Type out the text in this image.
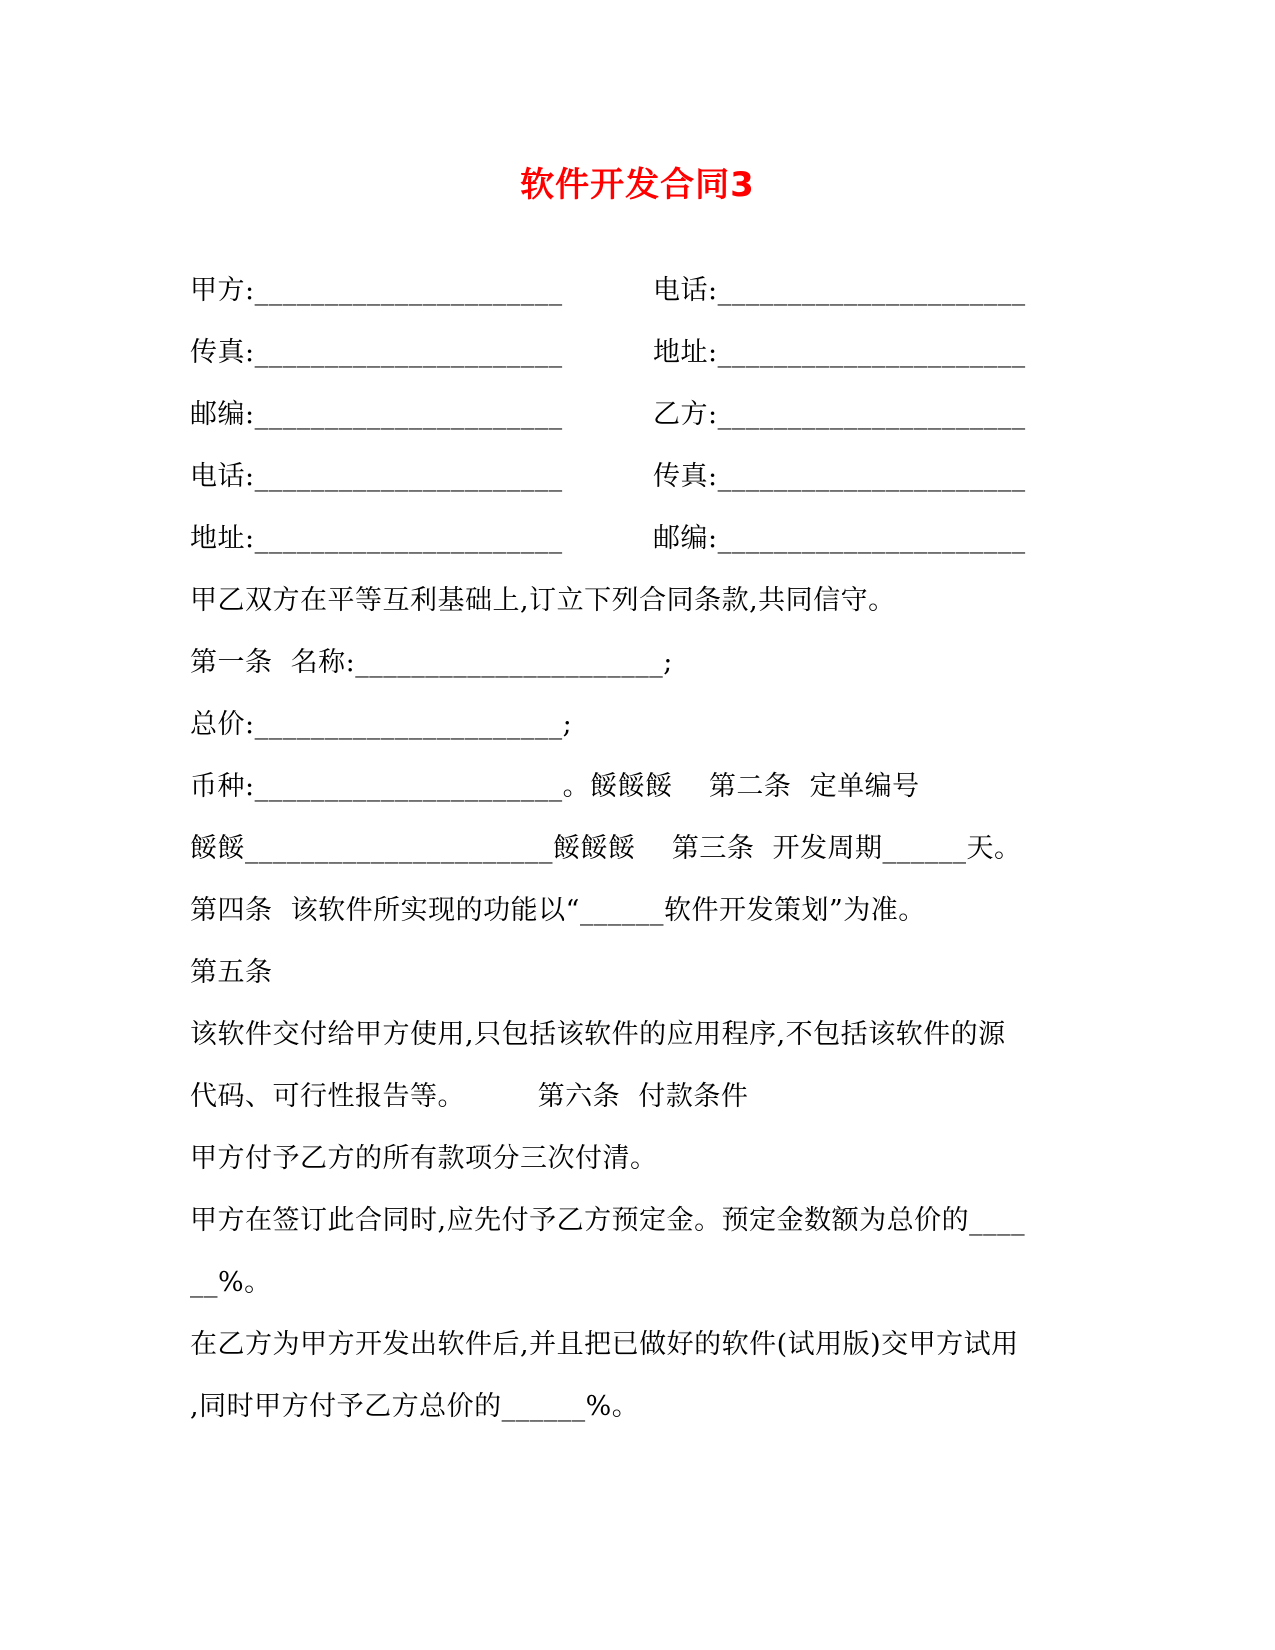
软件开发合同3
甲方:______________________	电话:______________________
传真:______________________	地址:______________________
邮编:______________________	乙方:______________________
电话:______________________	传真:______________________
地址:______________________	邮编:______________________
甲乙双方在平等互利基础上,订立下列合同条款,共同信守。
第一条  名称:______________________;
总价:______________________;
币种:______________________。餒餒餒    第二条  定单编号
餒餒______________________餒餒餒    第三条  开发周期______天。
第四条  该软件所实现的功能以“______软件开发策划”为准。
第五条
该软件交付给甲方使用,只包括该软件的应用程序,不包括该软件的源
代码、可行性报告等。        第六条  付款条件
甲方付予乙方的所有款项分三次付清。
甲方在签订此合同时,应先付予乙方预定金。预定金数额为总价的____
__%。
在乙方为甲方开发出软件后,并且把已做好的软件(试用版)交甲方试用
,同时甲方付予乙方总价的______%。
